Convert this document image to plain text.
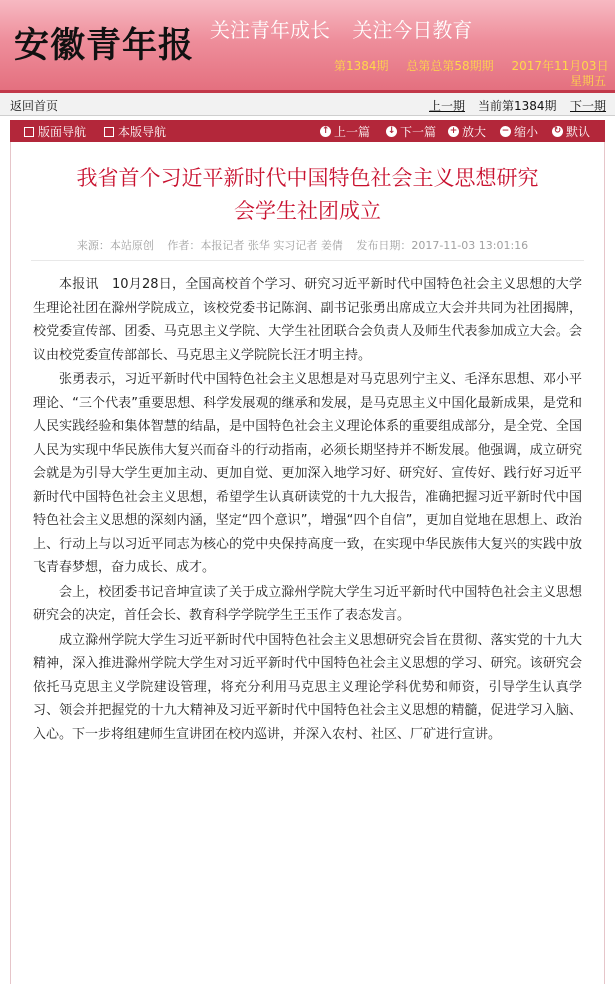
安徽青年报 关注青年成长 关注今日教育
第1384期 总第总第58期期 2017年11月03日
星期五
返回首页	上一期 当前第1384期 下一期
版面导航	本版导航	↑ 上一篇 ↓ 下一篇 + 放大 − 缩小 ↻ 默认
我省首个习近平新时代中国特色社会主义思想研究
会学生社团成立
来源：本站原创 作者：本报记者 张华 实习记者 姜倩 发布日期：2017-11-03 13:01:16

本报讯　10月28日，全国高校首个学习、研究习近平新时代中国特色社会主义思想的大学生理论社团在滁州学院成立，该校党委书记陈润、副书记张勇出席成立大会并共同为社团揭牌，校党委宣传部、团委、马克思主义学院、大学生社团联合会负责人及师生代表参加成立大会。会议由校党委宣传部部长、马克思主义学院院长汪才明主持。

张勇表示，习近平新时代中国特色社会主义思想是对马克思列宁主义、毛泽东思想、邓小平理论、“三个代表”重要思想、科学发展观的继承和发展，是马克思主义中国化最新成果，是党和人民实践经验和集体智慧的结晶，是中国特色社会主义理论体系的重要组成部分，是全党、全国人民为实现中华民族伟大复兴而奋斗的行动指南，必须长期坚持并不断发展。他强调，成立研究会就是为引导大学生更加主动、更加自觉、更加深入地学习好、研究好、宣传好、践行好习近平新时代中国特色社会主义思想，希望学生认真研读党的十九大报告，准确把握习近平新时代中国特色社会主义思想的深刻内涵，坚定“四个意识”，增强“四个自信”，更加自觉地在思想上、政治上、行动上与以习近平同志为核心的党中央保持高度一致，在实现中华民族伟大复兴的实践中放飞青春梦想，奋力成长、成才。

会上，校团委书记音坤宣读了关于成立滁州学院大学生习近平新时代中国特色社会主义思想研究会的决定，首任会长、教育科学学院学生王玉作了表态发言。

成立滁州学院大学生习近平新时代中国特色社会主义思想研究会旨在贯彻、落实党的十九大精神，深入推进滁州学院大学生对习近平新时代中国特色社会主义思想的学习、研究。该研究会依托马克思主义学院建设管理，将充分利用马克思主义理论学科优势和师资，引导学生认真学习、领会并把握党的十九大精神及习近平新时代中国特色社会主义思想的精髓，促进学习入脑、入心。下一步将组建师生宣讲团在校内巡讲，并深入农村、社区、厂矿进行宣讲。
